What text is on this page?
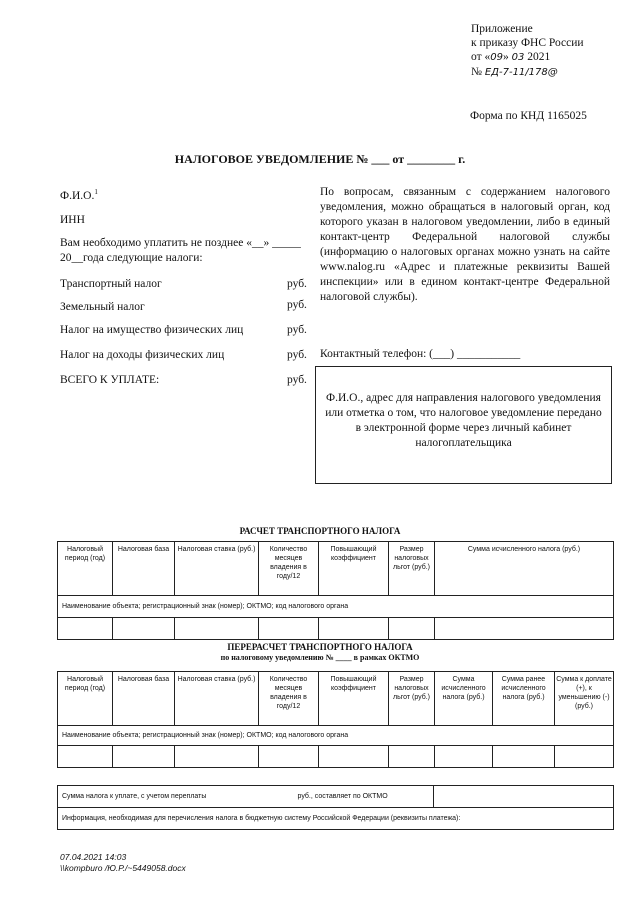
Приложение
к приказу ФНС России
от «09» 03 2021
№ ЕД-7-11/178@
Форма по КНД 1165025
НАЛОГОВОЕ УВЕДОМЛЕНИЕ № ___ от ________ г.
Ф.И.О.$^1$
ИНН
Вам необходимо уплатить не позднее «__» _____
20__года следующие налоги:
Транспортный налог	руб.
Земельный налог	руб.
Налог на имущество физических лиц	руб.
Налог на доходы физических лиц	руб.
ВСЕГО К УПЛАТЕ:	руб.
По вопросам, связанным с содержанием налогового уведомления, можно обращаться в налоговый орган, код которого указан в налоговом уведомлении, либо в единый контакт-центр Федеральной налоговой службы (информацию о налоговых органах можно узнать на сайте www.nalog.ru «Адрес и платежные реквизиты Вашей инспекции» или в едином контакт-центре Федеральной налоговой службы).
Контактный телефон: (___) ___________
Ф.И.О., адрес для направления налогового уведомления или отметка о том, что налоговое уведомление передано в электронной форме через личный кабинет налогоплательщика
РАСЧЕТ ТРАНСПОРТНОГО НАЛОГА
Налоговый период (год)	Налоговая база	Налоговая ставка (руб.)	Количество месяцев владения в году/12	Повышающий коэффициент	Размер налоговых льгот (руб.)	Сумма исчисленного налога (руб.)
Наименование объекта; регистрационный знак (номер); ОКТМО; код налогового органа						

ПЕРЕРАСЧЕТ ТРАНСПОРТНОГО НАЛОГА
по налоговому уведомлению № ____ в рамках ОКТМО
Налоговый период (год)	Налоговая база	Налоговая ставка (руб.)	Количество месяцев владения в году/12	Повышающий коэффициент	Размер налоговых льгот (руб.)	Сумма исчисленного налога (руб.)	Сумма ранее исчисленного налога (руб.)	Сумма к доплате (+), к уменьшению (-) (руб.)
Наименование объекта; регистрационный знак (номер); ОКТМО; код налогового органа								

Сумма налога к уплате, с учетом переплаты	руб., составляет по ОКТМО

Информация, необходимая для перечисления налога в бюджетную систему Российской Федерации (реквизиты платежа):
07.04.2021 14:03
\\kompburo /Ю.Р./~5449058.docx
